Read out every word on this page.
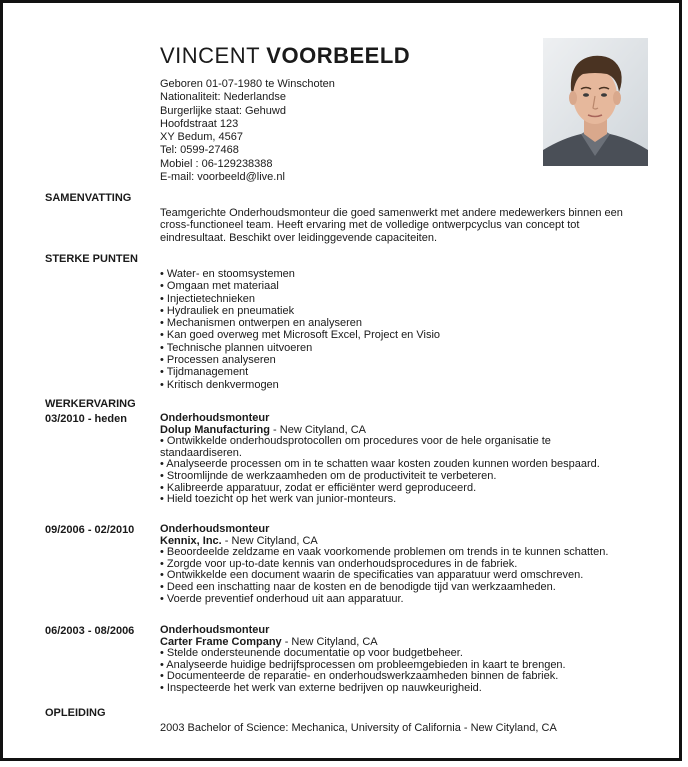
VINCENT VOORBEELD
Geboren 01-07-1980 te Winschoten
Nationaliteit: Nederlandse
Burgerlijke staat: Gehuwd
Hoofdstraat 123
XY Bedum, 4567
Tel: 0599-27468
Mobiel : 06-129238388
E-mail: voorbeeld@live.nl
SAMENVATTING
Teamgerichte Onderhoudsmonteur die goed samenwerkt met andere medewerkers binnen een cross-functioneel team. Heeft ervaring met de volledige ontwerpcyclus van concept tot eindresultaat. Beschikt over leidinggevende capaciteiten.
STERKE PUNTEN
• Water- en stoomsystemen
• Omgaan met materiaal
• Injectietechnieken
• Hydrauliek en pneumatiek
• Mechanismen ontwerpen en analyseren
• Kan goed overweg met Microsoft Excel, Project en Visio
• Technische plannen uitvoeren
• Processen analyseren
• Tijdmanagement
• Kritisch denkvermogen
WERKERVARING
03/2010 - heden	Onderhoudsmonteur
Dolup Manufacturing - New Cityland, CA
• Ontwikkelde onderhoudsprotocollen om procedures voor de hele organisatie te standaardiseren.
• Analyseerde processen om in te schatten waar kosten zouden kunnen worden bespaard.
• Stroomlijnde de werkzaamheden om de productiviteit te verbeteren.
• Kalibreerde apparatuur, zodat er efficiënter werd geproduceerd.
• Hield toezicht op het werk van junior-monteurs.
09/2006 - 02/2010 Onderhoudsmonteur
Kennix, Inc. - New Cityland, CA
• Beoordeelde zeldzame en vaak voorkomende problemen om trends in te kunnen schatten.
• Zorgde voor up-to-date kennis van onderhoudsprocedures in de fabriek.
• Ontwikkelde een document waarin de specificaties van apparatuur werd omschreven.
• Deed een inschatting naar de kosten en de benodigde tijd van werkzaamheden.
• Voerde preventief onderhoud uit aan apparatuur.
06/2003 - 08/2006 Onderhoudsmonteur
Carter Frame Company - New Cityland, CA
• Stelde ondersteunende documentatie op voor budgetbeheer.
• Analyseerde huidige bedrijfsprocessen om probleemgebieden in kaart te brengen.
• Documenteerde de reparatie- en onderhoudswerkzaamheden binnen de fabriek.
• Inspecteerde het werk van externe bedrijven op nauwkeurigheid.
OPLEIDING
2003 Bachelor of Science: Mechanica, University of California - New Cityland, CA
